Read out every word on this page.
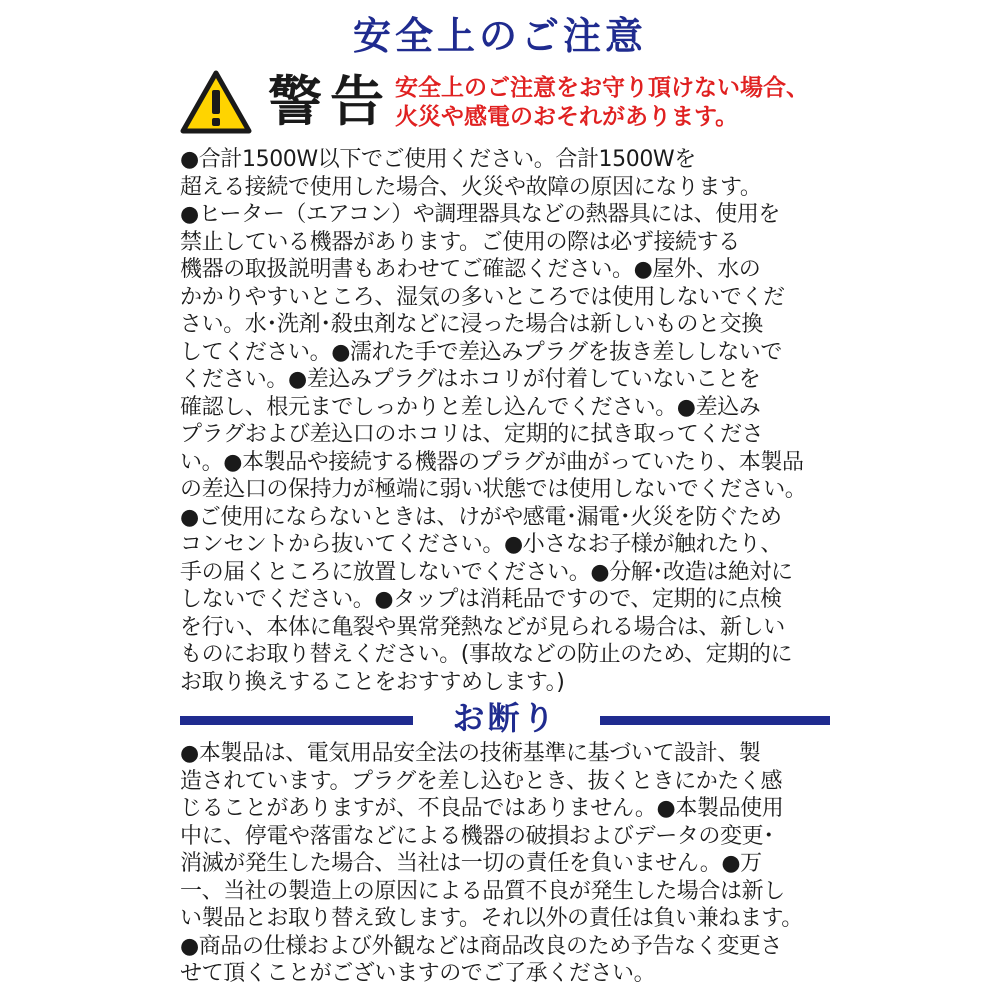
安全上のご注意
警告 安全上のご注意をお守り頂けない場合、
火災や感電のおそれがあります。

●合計1500W以下でご使用ください。合計1500Wを

超える接続で使用した場合、火災や故障の原因になります。

●ヒーター（エアコン）や調理器具などの熱器具には、使用を

禁止している機器があります。ご使用の際は必ず接続する

機器の取扱説明書もあわせてご確認ください。●屋外、水の

かかりやすいところ、湿気の多いところでは使用しないでくだ

さい。水･洗剤･殺虫剤などに浸った場合は新しいものと交換

してください。●濡れた手で差込みプラグを抜き差ししないで

ください。●差込みプラグはホコリが付着していないことを

確認し、根元までしっかりと差し込んでください。●差込み

プラグおよび差込口のホコリは、定期的に拭き取ってくださ

い。●本製品や接続する機器のプラグが曲がっていたり、本製品

の差込口の保持力が極端に弱い状態では使用しないでください。

●ご使用にならないときは、けがや感電･漏電･火災を防ぐため

コンセントから抜いてください。●小さなお子様が触れたり、

手の届くところに放置しないでください。●分解･改造は絶対に

しないでください。●タップは消耗品ですので、定期的に点検

を行い、本体に亀裂や異常発熱などが見られる場合は、新しい

ものにお取り替えください。(事故などの防止のため、定期的に

お取り換えすることをおすすめします。)

お断り

●本製品は、電気用品安全法の技術基準に基づいて設計、製

造されています。プラグを差し込むとき、抜くときにかたく感

じることがありますが、不良品ではありません。●本製品使用

中に、停電や落雷などによる機器の破損およびデータの変更･

消滅が発生した場合、当社は一切の責任を負いません。●万

一、当社の製造上の原因による品質不良が発生した場合は新し

い製品とお取り替え致します。それ以外の責任は負い兼ねます。

●商品の仕様および外観などは商品改良のため予告なく変更さ

せて頂くことがございますのでご了承ください。
